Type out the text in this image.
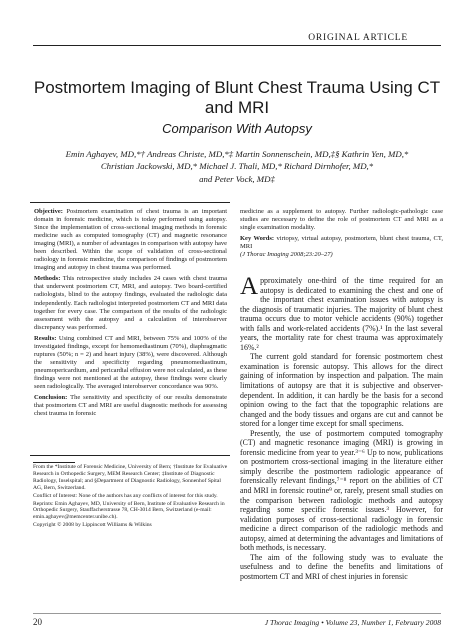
ORIGINAL ARTICLE
Postmortem Imaging of Blunt Chest Trauma Using CT and MRI
Comparison With Autopsy
Emin Aghayev, MD,*† Andreas Christe, MD,*‡ Martin Sonnenschein, MD,‡§ Kathrin Yen, MD,*
Christian Jackowski, MD,* Michael J. Thali, MD,* Richard Dirnhofer, MD,*
and Peter Vock, MD‡

Objective: Postmortem examination of chest trauma is an important domain in forensic medicine, which is today performed using autopsy. Since the implementation of cross-sectional imaging methods in forensic medicine such as computed tomography (CT) and magnetic resonance imaging (MRI), a number of advantages in comparison with autopsy have been described. Within the scope of validation of cross-sectional radiology in forensic medicine, the comparison of findings of postmortem imaging and autopsy in chest trauma was performed.

Methods: This retrospective study includes 24 cases with chest trauma that underwent postmortem CT, MRI, and autopsy. Two board-certified radiologists, blind to the autopsy findings, evaluated the radiologic data independently. Each radiologist interpreted postmortem CT and MRI data together for every case. The comparison of the results of the radiologic assessment with the autopsy and a calculation of interobserver discrepancy was performed.

Results: Using combined CT and MRI, between 75% and 100% of the investigated findings, except for hemomediastinum (70%), diaphragmatic ruptures (50%; n = 2) and heart injury (38%), were discovered. Although the sensitivity and specificity regarding pneumomediastinum, pneumopericardium, and pericardial effusion were not calculated, as these findings were not mentioned at the autopsy, these findings were clearly seen radiologically. The averaged interobserver concordance was 90%.

Conclusion: The sensitivity and specificity of our results demonstrate that postmortem CT and MRI are useful diagnostic methods for assessing chest trauma in forensic

From the *Institute of Forensic Medicine, University of Bern; †Institute for Evaluative Research in Orthopedic Surgery, MEM Research Center; ‡Institute of Diagnostic Radiology, Inselspital; and §Department of Diagnostic Radiology, Sonnenhof Spital AG, Bern, Switzerland.

Conflict of Interest: None of the authors has any conflicts of interest for this study.

Reprints: Emin Aghayev, MD, University of Bern, Institute of Evaluative Research in Orthopedic Surgery, Stauffacherstrasse 78, CH-3014 Bern, Switzerland (e-mail: emin.aghayev@memcenter.unibe.ch).

Copyright © 2008 by Lippincott Williams & Wilkins

medicine as a supplement to autopsy. Further radiologic-pathologic case studies are necessary to define the role of postmortem CT and MRI as a single examination modality.

Key Words: virtopsy, virtual autopsy, postmortem, blunt chest trauma, CT, MRI

(J Thorac Imaging 2008;23:20–27)

Approximately one-third of the time required for an autopsy is dedicated to examining the chest and one of the important chest examination issues with autopsy is the diagnosis of traumatic injuries. The majority of blunt chest trauma occurs due to motor vehicle accidents (90%) together with falls and work-related accidents (7%).¹ In the last several years, the mortality rate for chest trauma was approximately 16%.²

The current gold standard for forensic postmortem chest examination is forensic autopsy. This allows for the direct gaining of information by inspection and palpation. The main limitations of autopsy are that it is subjective and observer-dependent. In addition, it can hardly be the basis for a second opinion owing to the fact that the topographic relations are changed and the body tissues and organs are cut and cannot be stored for a longer time except for small specimens.

Presently, the use of postmortem computed tomography (CT) and magnetic resonance imaging (MRI) is growing in forensic medicine from year to year.³⁻⁶ Up to now, publications on postmortem cross-sectional imaging in the literature either simply describe the postmortem radiologic appearance of forensically relevant findings,⁷⁻⁸ report on the abilities of CT and MRI in forensic routine⁹ or, rarely, present small studies on the comparison between radiologic methods and autopsy regarding some specific forensic issues.³ However, for validation purposes of cross-sectional radiology in forensic medicine a direct comparison of the radiologic methods and autopsy, aimed at determining the advantages and limitations of both methods, is necessary.

The aim of the following study was to evaluate the usefulness and to define the benefits and limitations of postmortem CT and MRI of chest injuries in forensic

20	J Thorac Imaging • Volume 23, Number 1, February 2008
